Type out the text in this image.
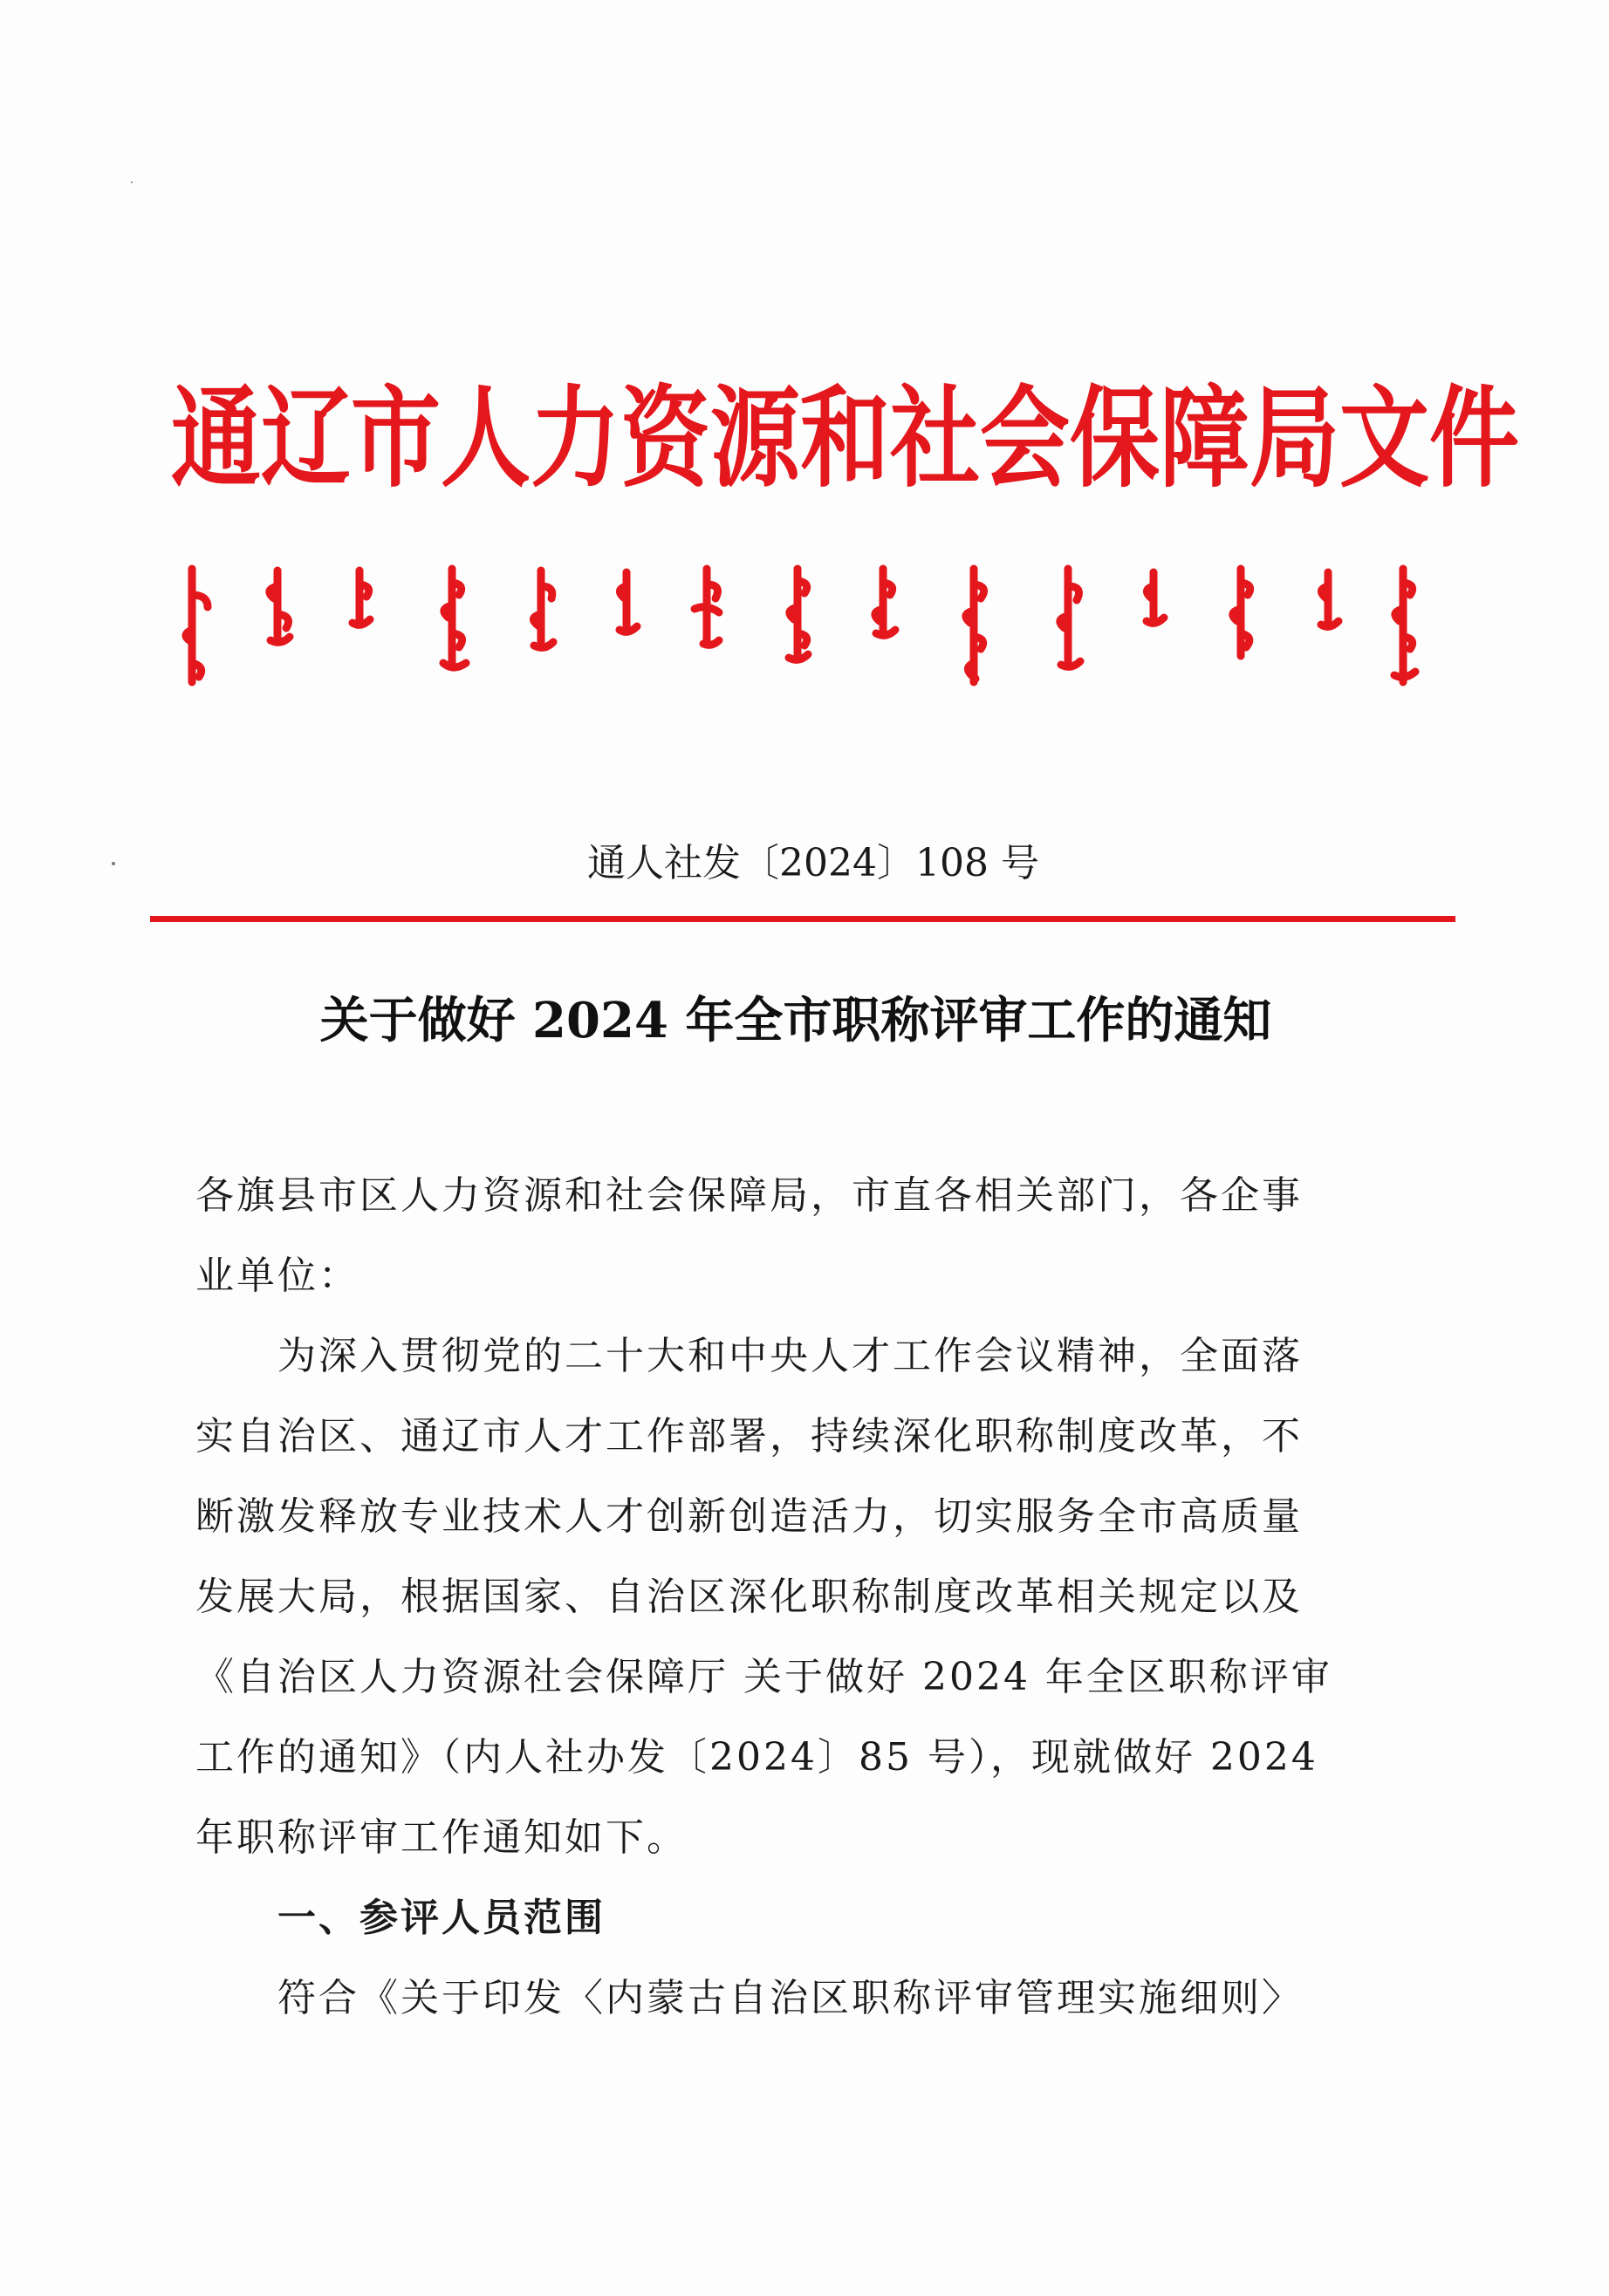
通辽市人力资源和社会保障局文件
通人社发〔2024〕108 号
关于做好 2024 年全市职称评审工作的通知
各旗县市区人力资源和社会保障局，市直各相关部门，各企事
业单位：
为深入贯彻党的二十大和中央人才工作会议精神，全面落
实自治区、通辽市人才工作部署，持续深化职称制度改革，不
断激发释放专业技术人才创新创造活力，切实服务全市高质量
发展大局，根据国家、自治区深化职称制度改革相关规定以及
《自治区人力资源社会保障厅 关于做好 2024 年全区职称评审
工作的通知》（内人社办发〔2024〕85 号），现就做好 2024
年职称评审工作通知如下。
一、参评人员范围
符合《关于印发〈内蒙古自治区职称评审管理实施细则〉
